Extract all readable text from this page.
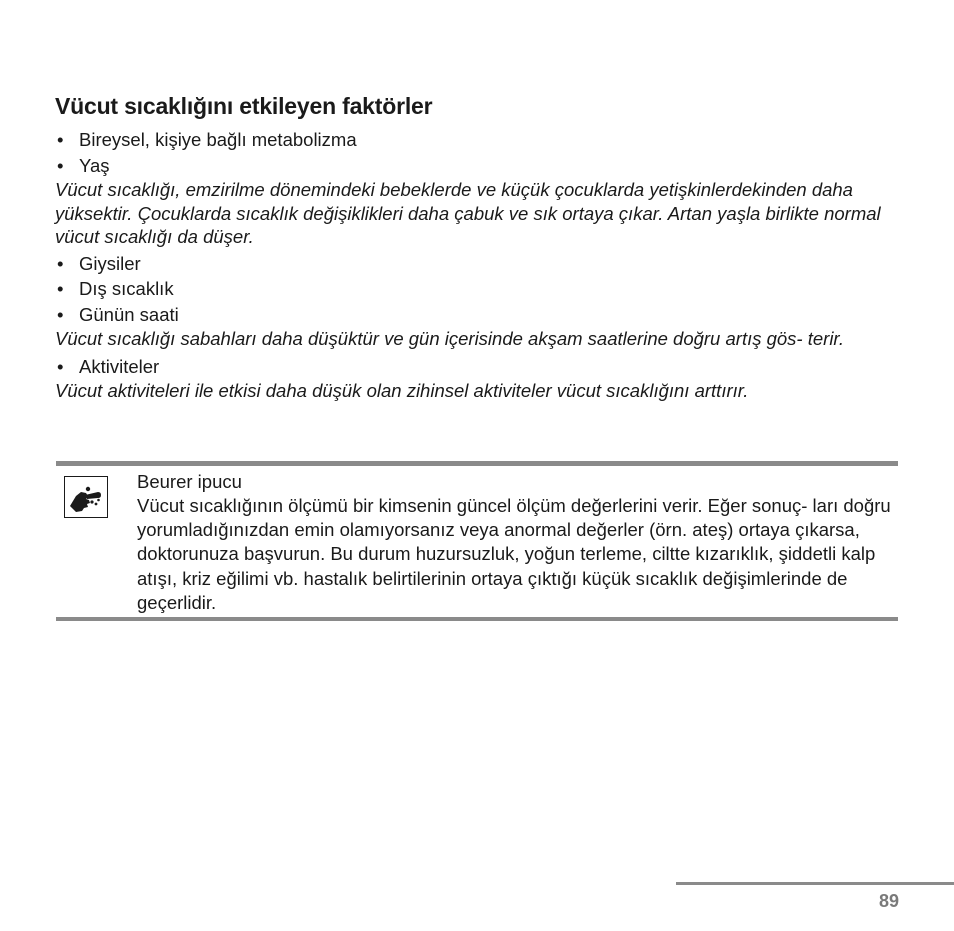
Vücut sıcaklığını etkileyen faktörler
• Bireysel, kişiye bağlı metabolizma
• Yaş

Vücut sıcaklığı, emzirilme dönemindeki bebeklerde ve küçük çocuklarda yetişkinlerdekinden daha yüksektir. Çocuklarda sıcaklık değişiklikleri daha çabuk ve sık ortaya çıkar. Artan yaşla birlikte normal vücut sıcaklığı da düşer.

• Giysiler
• Dış sıcaklık
• Günün saati

Vücut sıcaklığı sabahları daha düşüktür ve gün içerisinde akşam saatlerine doğru artış gös- terir.

• Aktiviteler

Vücut aktiviteleri ile etkisi daha düşük olan zihinsel aktiviteler vücut sıcaklığını arttırır.

Beurer ipucu

Vücut sıcaklığının ölçümü bir kimsenin güncel ölçüm değerlerini verir. Eğer sonuç- ları doğru yorumladığınızdan emin olamıyorsanız veya anormal değerler (örn. ateş) ortaya çıkarsa, doktorunuza başvurun. Bu durum huzursuzluk, yoğun terleme, ciltte kızarıklık, şiddetli kalp atışı, kriz eğilimi vb. hastalık belirtilerinin ortaya çıktığı küçük sıcaklık değişimlerinde de geçerlidir.

89
